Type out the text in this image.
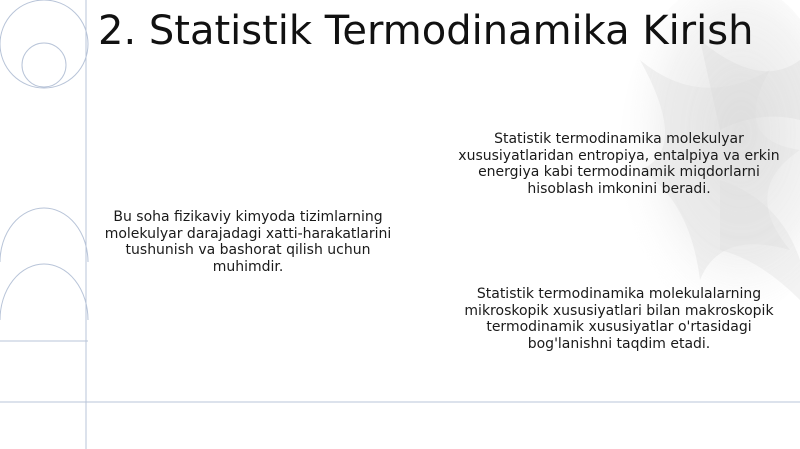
2. Statistik Termodinamika Kirish

Bu soha fizikaviy kimyoda tizimlarning molekulyar darajadagi xatti-harakatlarini tushunish va bashorat qilish uchun muhimdir.

Statistik termodinamika molekulyar xususiyatlaridan entropiya, entalpiya va erkin energiya kabi termodinamik miqdorlarni hisoblash imkonini beradi.

Statistik termodinamika molekulalarning mikroskopik xususiyatlari bilan makroskopik termodinamik xususiyatlar o'rtasidagi bog'lanishni taqdim etadi.
